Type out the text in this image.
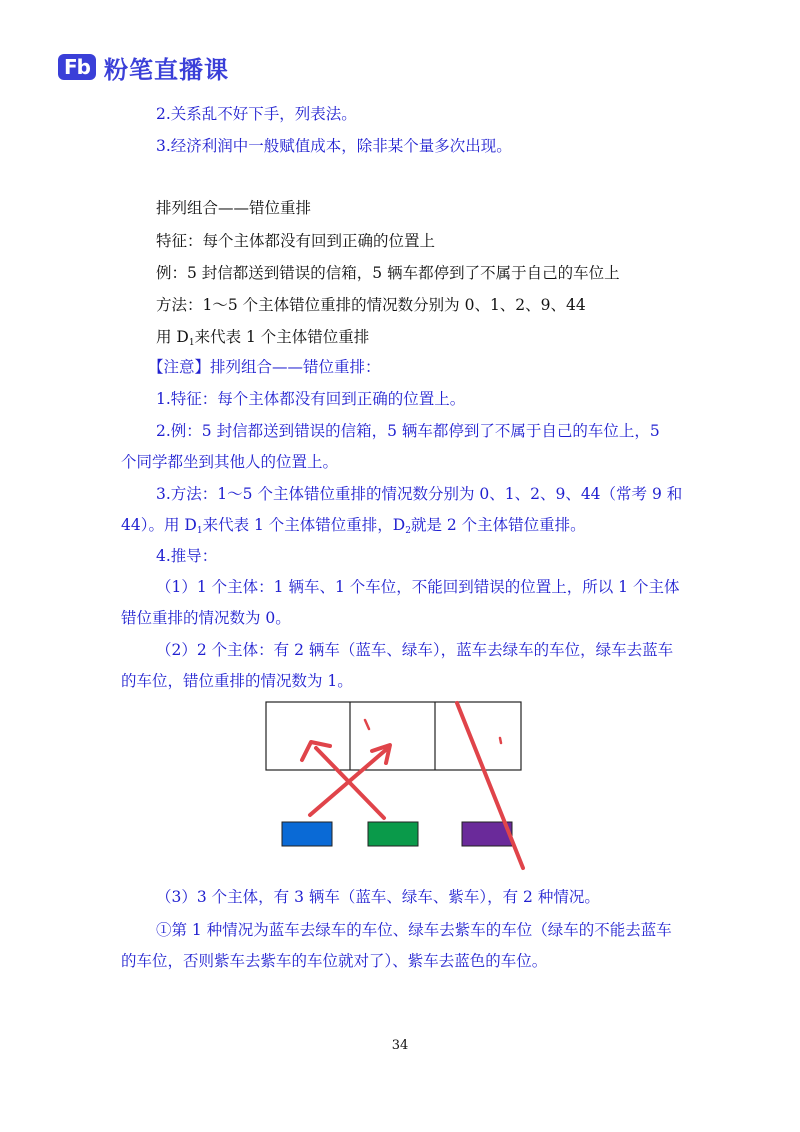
Fb 粉笔直播课
2.关系乱不好下手，列表法。
3.经济利润中一般赋值成本，除非某个量多次出现。
排列组合——错位重排
特征：每个主体都没有回到正确的位置上
例：5 封信都送到错误的信箱，5 辆车都停到了不属于自己的车位上
方法：1～5 个主体错位重排的情况数分别为 0、1、2、9、44
用 $D_1$来代表 1 个主体错位重排
【注意】排列组合——错位重排：
1.特征：每个主体都没有回到正确的位置上。
2.例：5 封信都送到错误的信箱，5 辆车都停到了不属于自己的车位上，5
个同学都坐到其他人的位置上。
3.方法：1～5 个主体错位重排的情况数分别为 0、1、2、9、44（常考 9 和
44）。用 $D_1$来代表 1 个主体错位重排，$D_2$就是 2 个主体错位重排。
4.推导：
（1）1 个主体：1 辆车、1 个车位，不能回到错误的位置上，所以 1 个主体
错位重排的情况数为 0。
（2）2 个主体：有 2 辆车（蓝车、绿车），蓝车去绿车的车位，绿车去蓝车
的车位，错位重排的情况数为 1。
（3）3 个主体，有 3 辆车（蓝车、绿车、紫车），有 2 种情况。
①第 1 种情况为蓝车去绿车的车位、绿车去紫车的车位（绿车的不能去蓝车
的车位，否则紫车去紫车的车位就对了）、紫车去蓝色的车位。
34
